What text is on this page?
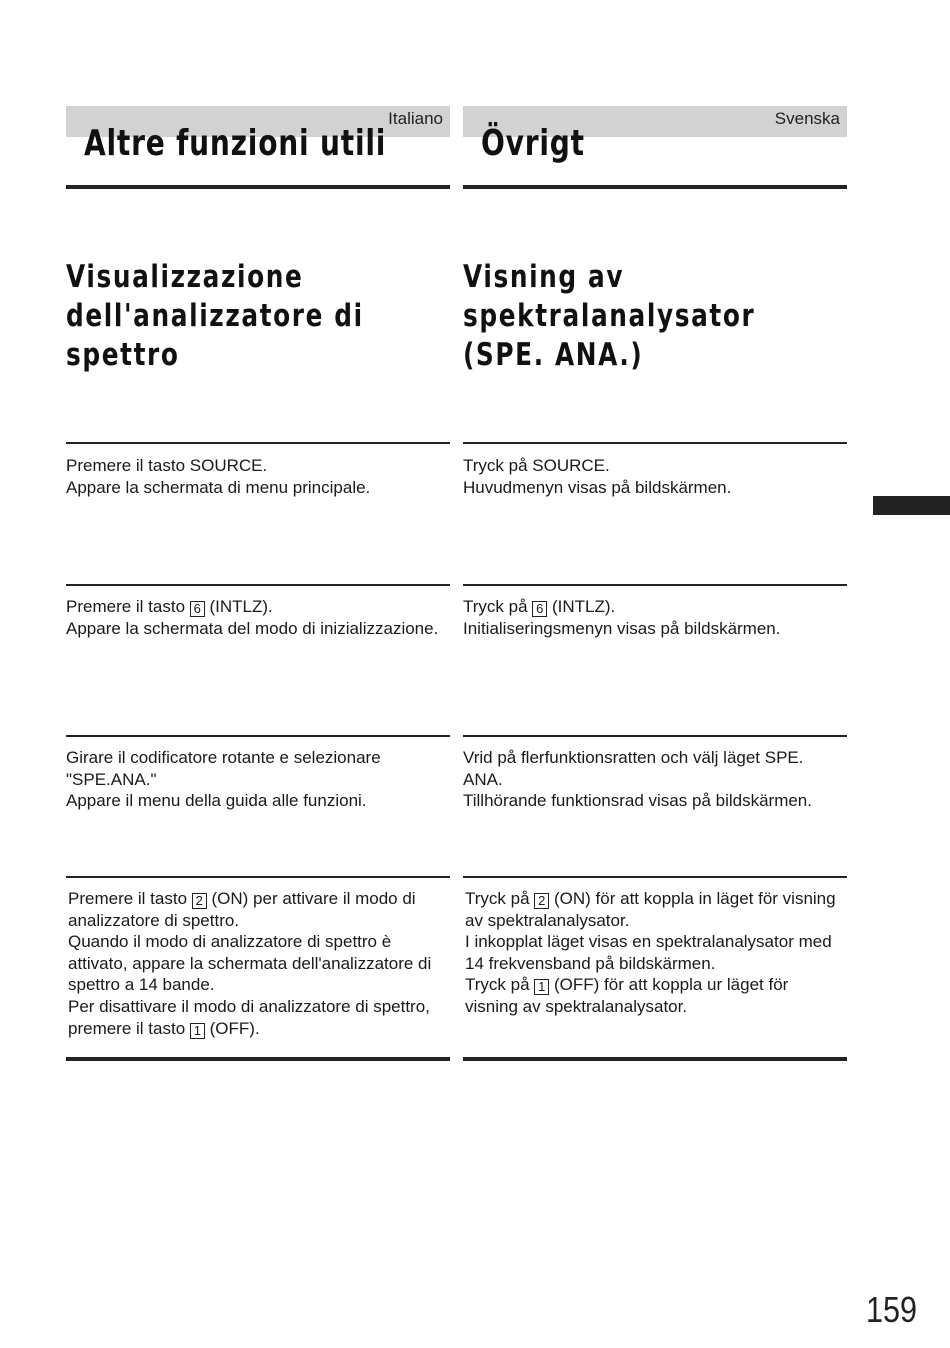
Italiano
Altre funzioni utili
Visualizzazione dell'analizzatore di spettro

Premere il tasto SOURCE.

Appare la schermata di menu principale.

Premere il tasto 6 (INTLZ).

Appare la schermata del modo di inizializzazione.

Girare il codificatore rotante e selezionare "SPE.ANA."

Appare il menu della guida alle funzioni.

Premere il tasto 2 (ON) per attivare il modo di analizzatore di spettro.

Quando il modo di analizzatore di spettro è attivato, appare la schermata dell'analizzatore di spettro a 14 bande.

Per disattivare il modo di analizzatore di spettro, premere il tasto 1 (OFF).

Svenska
Övrigt
Visning av spektralanalysator (SPE. ANA.)

Tryck på SOURCE.

Huvudmenyn visas på bildskärmen.

Tryck på 6 (INTLZ).

Initialiseringsmenyn visas på bildskärmen.

Vrid på flerfunktionsratten och välj läget SPE. ANA.

Tillhörande funktionsrad visas på bildskärmen.

Tryck på 2 (ON) för att koppla in läget för visning av spektralanalysator.

I inkopplat läget visas en spektralanalysator med 14 frekvensband på bildskärmen.

Tryck på 1 (OFF) för att koppla ur läget för visning av spektralanalysator.

159
